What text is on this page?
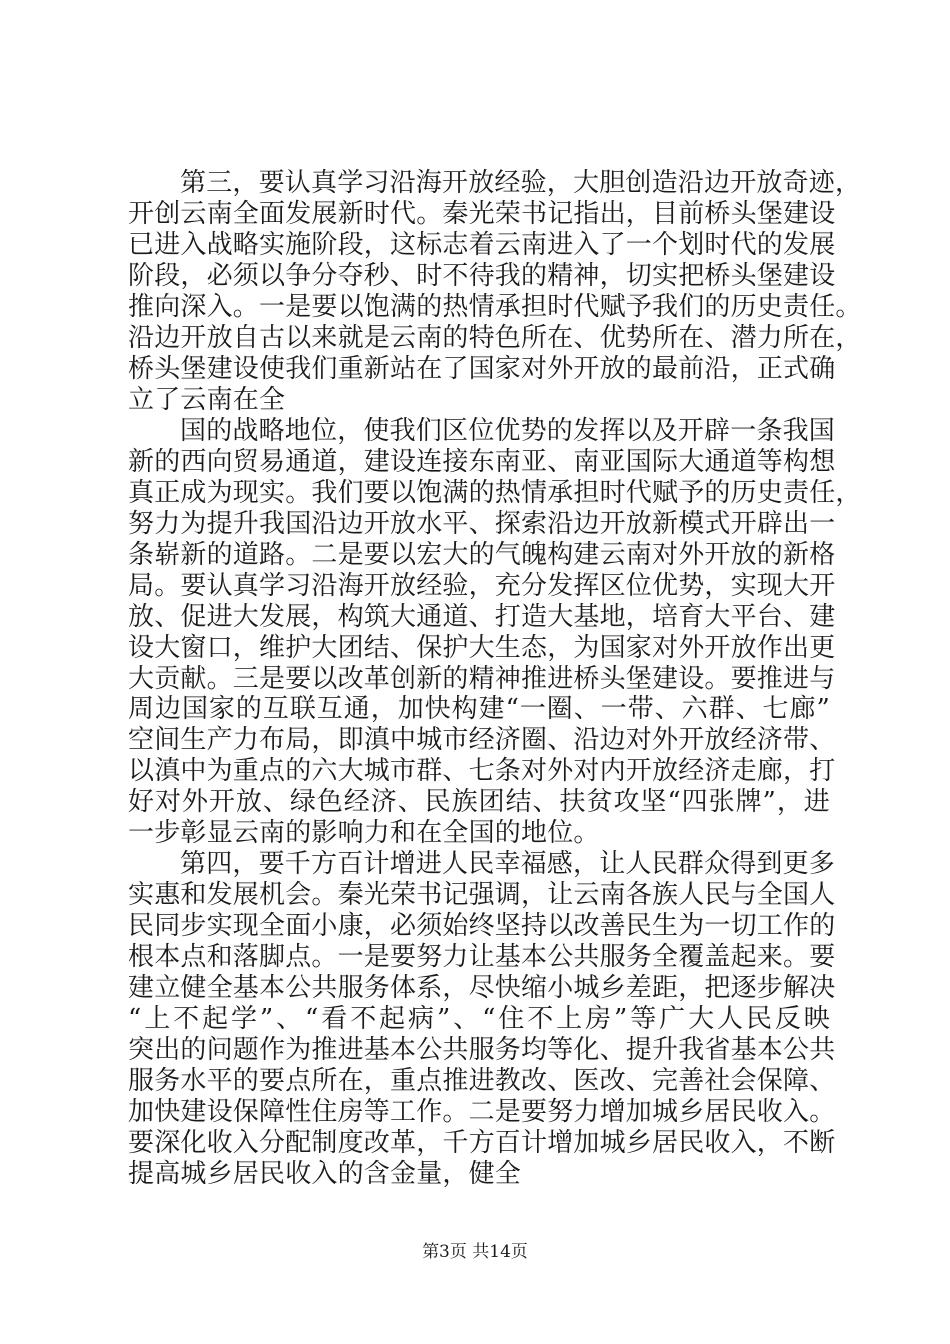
第三，要认真学习沿海开放经验，大胆创造沿边开放奇迹，
开创云南全面发展新时代。秦光荣书记指出，目前桥头堡建设
已进入战略实施阶段，这标志着云南进入了一个划时代的发展
阶段，必须以争分夺秒、时不待我的精神，切实把桥头堡建设
推向深入。一是要以饱满的热情承担时代赋予我们的历史责任。
沿边开放自古以来就是云南的特色所在、优势所在、潜力所在，
桥头堡建设使我们重新站在了国家对外开放的最前沿，正式确
立了云南在全
国的战略地位，使我们区位优势的发挥以及开辟一条我国
新的西向贸易通道，建设连接东南亚、南亚国际大通道等构想
真正成为现实。我们要以饱满的热情承担时代赋予的历史责任，
努力为提升我国沿边开放水平、探索沿边开放新模式开辟出一
条崭新的道路。二是要以宏大的气魄构建云南对外开放的新格
局。要认真学习沿海开放经验，充分发挥区位优势，实现大开
放、促进大发展，构筑大通道、打造大基地，培育大平台、建
设大窗口，维护大团结、保护大生态，为国家对外开放作出更
大贡献。三是要以改革创新的精神推进桥头堡建设。要推进与
周边国家的互联互通，加快构建“一圈、一带、六群、七廊”
空间生产力布局，即滇中城市经济圈、沿边对外开放经济带、
以滇中为重点的六大城市群、七条对外对内开放经济走廊，打
好对外开放、绿色经济、民族团结、扶贫攻坚“四张牌”，进
一步彰显云南的影响力和在全国的地位。
第四，要千方百计增进人民幸福感，让人民群众得到更多
实惠和发展机会。秦光荣书记强调，让云南各族人民与全国人
民同步实现全面小康，必须始终坚持以改善民生为一切工作的
根本点和落脚点。一是要努力让基本公共服务全覆盖起来。要
建立健全基本公共服务体系，尽快缩小城乡差距，把逐步解决
“上不起学”、“看不起病”、“住不上房”等广大人民反映
突出的问题作为推进基本公共服务均等化、提升我省基本公共
服务水平的要点所在，重点推进教改、医改、完善社会保障、
加快建设保障性住房等工作。二是要努力增加城乡居民收入。
要深化收入分配制度改革，千方百计增加城乡居民收入，不断
提高城乡居民收入的含金量，健全
第3页 共14页
